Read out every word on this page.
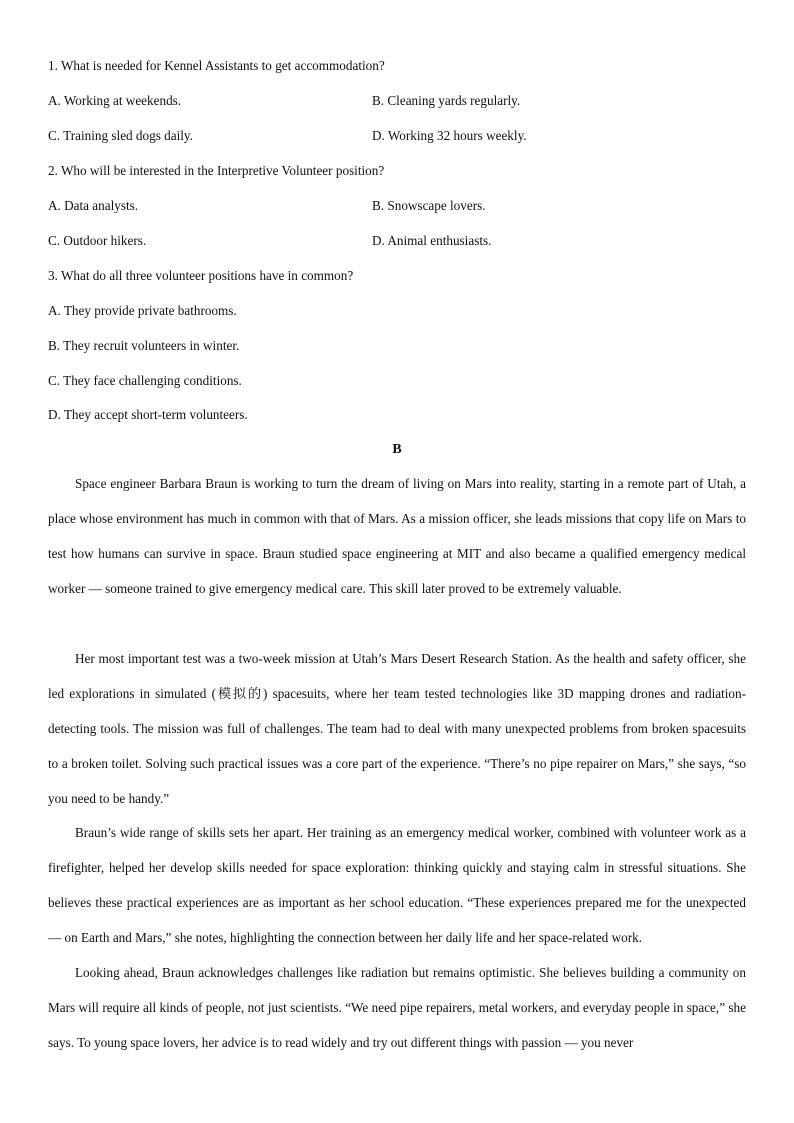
1. What is needed for Kennel Assistants to get accommodation?
A. Working at weekends.	B. Cleaning yards regularly.
C. Training sled dogs daily.	D. Working 32 hours weekly.
2. Who will be interested in the Interpretive Volunteer position?
A. Data analysts.	B. Snowscape lovers.
C. Outdoor hikers.	D. Animal enthusiasts.
3. What do all three volunteer positions have in common?
A. They provide private bathrooms.
B. They recruit volunteers in winter.
C. They face challenging conditions.
D. They accept short-term volunteers.
B

Space engineer Barbara Braun is working to turn the dream of living on Mars into reality, starting in a remote part of Utah, a place whose environment has much in common with that of Mars. As a mission officer, she leads missions that copy life on Mars to test how humans can survive in space. Braun studied space engineering at MIT and also became a qualified emergency medical worker — someone trained to give emergency medical care. This skill later proved to be extremely valuable.

Her most important test was a two-week mission at Utah’s Mars Desert Research Station. As the health and safety officer, she led explorations in simulated (模拟的) spacesuits, where her team tested technologies like 3D mapping drones and radiation-detecting tools. The mission was full of challenges. The team had to deal with many unexpected problems from broken spacesuits to a broken toilet. Solving such practical issues was a core part of the experience. “There’s no pipe repairer on Mars,” she says, “so you need to be handy.”

Braun’s wide range of skills sets her apart. Her training as an emergency medical worker, combined with volunteer work as a firefighter, helped her develop skills needed for space exploration: thinking quickly and staying calm in stressful situations. She believes these practical experiences are as important as her school education. “These experiences prepared me for the unexpected — on Earth and Mars,” she notes, highlighting the connection between her daily life and her space-related work.

Looking ahead, Braun acknowledges challenges like radiation but remains optimistic. She believes building a community on Mars will require all kinds of people, not just scientists. “We need pipe repairers, metal workers, and everyday people in space,” she says. To young space lovers, her advice is to read widely and try out different things with passion — you never
